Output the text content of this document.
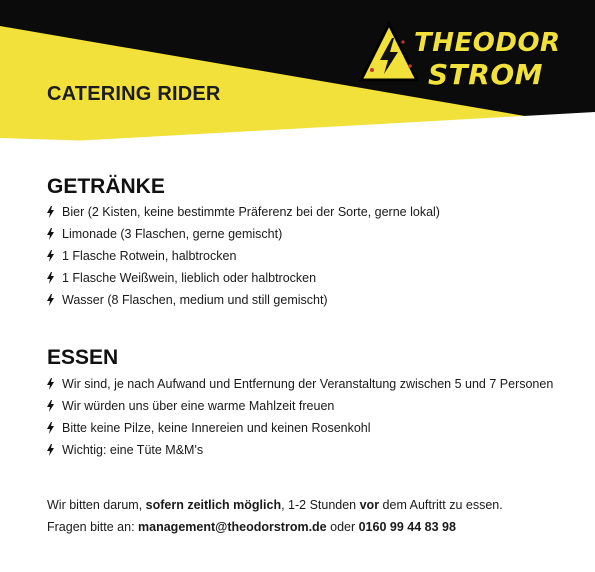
CATERING RIDER
THEODOR
STROM
GETRÄNKE
Bier (2 Kisten, keine bestimmte Präferenz bei der Sorte, gerne lokal)
Limonade (3 Flaschen, gerne gemischt)
1 Flasche Rotwein, halbtrocken
1 Flasche Weißwein, lieblich oder halbtrocken
Wasser (8 Flaschen, medium und still gemischt)
ESSEN
Wir sind, je nach Aufwand und Entfernung der Veranstaltung zwischen 5 und 7 Personen
Wir würden uns über eine warme Mahlzeit freuen
Bitte keine Pilze, keine Innereien und keinen Rosenkohl
Wichtig: eine Tüte M&M's
Wir bitten darum, sofern zeitlich möglich, 1-2 Stunden vor dem Auftritt zu essen.
Fragen bitte an: management@theodorstrom.de oder 0160 99 44 83 98
